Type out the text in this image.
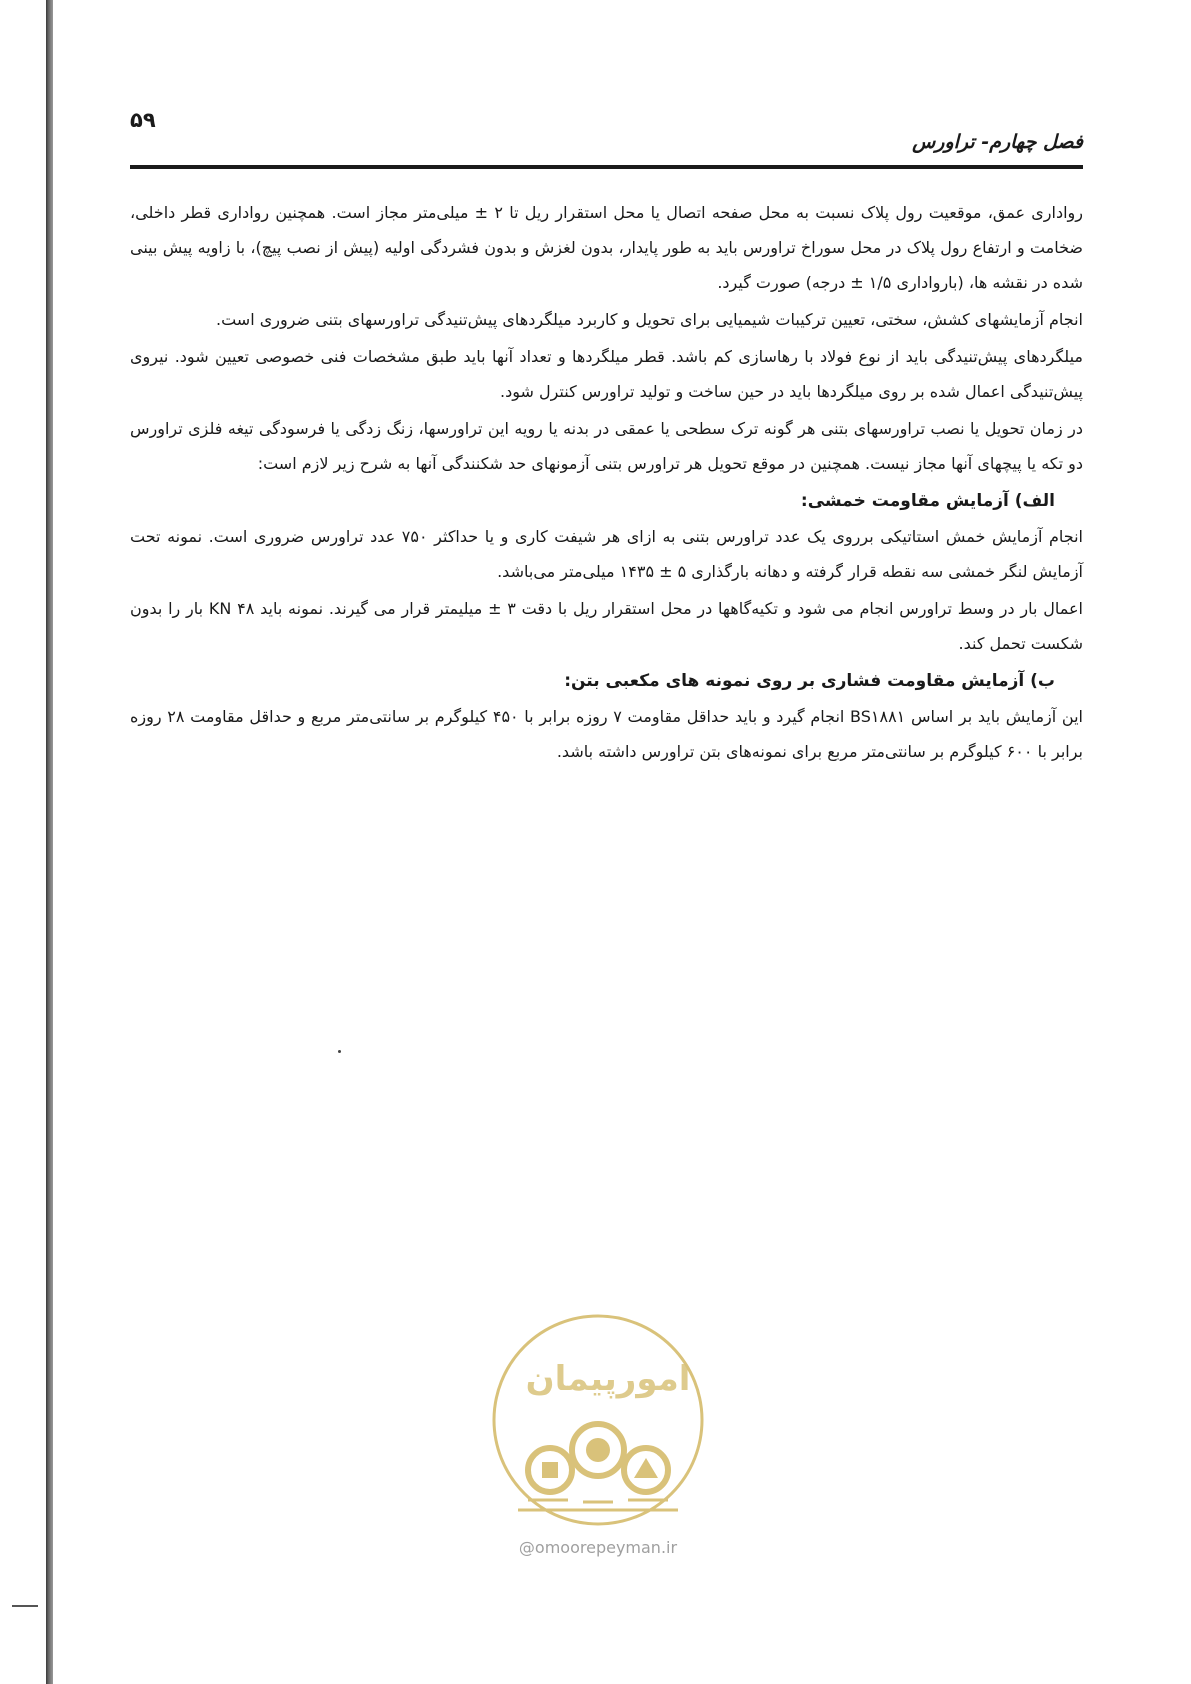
۵۹
فصل چهارم- تراورس

رواداری عمق، موقعیت رول پلاک نسبت به محل صفحه اتصال یا محل استقرار ریل تا ۲ ± میلی‌متر مجاز است. همچنین رواداری قطر داخلی، ضخامت و ارتفاع رول پلاک در محل سوراخ تراورس باید به طور پایدار، بدون لغزش و بدون فشردگی اولیه (پیش از نصب پیچ)، با زاویه پیش بینی شده در نقشه ها، (بارواداری ۱/۵ ± درجه) صورت گیرد.

انجام آزمایشهای کشش، سختی، تعیین ترکیبات شیمیایی برای تحویل و کاربرد میلگردهای پیش‌تنیدگی تراورسهای بتنی ضروری است.

میلگردهای پیش‌تنیدگی باید از نوع فولاد با رهاسازی کم باشد. قطر میلگردها و تعداد آنها باید طبق مشخصات فنی خصوصی تعیین شود. نیروی پیش‌تنیدگی اعمال شده بر روی میلگردها باید در حین ساخت و تولید تراورس کنترل شود.

در زمان تحویل یا نصب تراورسهای بتنی هر گونه ترک سطحی یا عمقی در بدنه یا رویه این تراورسها، زنگ زدگی یا فرسودگی تیغه فلزی تراورس دو تکه یا پیچهای آنها مجاز نیست. همچنین در موقع تحویل هر تراورس بتنی آزمونهای حد شکنندگی آنها به شرح زیر لازم است:

الف) آزمایش مقاومت خمشی:

انجام آزمایش خمش استاتیکی برروی یک عدد تراورس بتنی به ازای هر شیفت کاری و یا حداکثر ۷۵۰ عدد تراورس ضروری است. نمونه تحت آزمایش لنگر خمشی سه نقطه قرار گرفته و دهانه بارگذاری ۵ ± ۱۴۳۵ میلی‌متر می‌باشد.

اعمال بار در وسط تراورس انجام می شود و تکیه‌گاهها در محل استقرار ریل با دقت ۳ ± میلیمتر قرار می گیرند. نمونه باید ۴۸ KN بار را بدون شکست تحمل کند.

ب) آزمایش مقاومت فشاری بر روی نمونه های مکعبی بتن:

این آزمایش باید بر اساس BS۱۸۸۱ انجام گیرد و باید حداقل مقاومت ۷ روزه برابر با ۴۵۰ کیلوگرم بر سانتی‌متر مربع و حداقل مقاومت ۲۸ روزه برابر با ۶۰۰ کیلوگرم بر سانتی‌متر مربع برای نمونه‌های بتن تراورس داشته باشد.

امورپیمان
@omoorepeyman.ir
